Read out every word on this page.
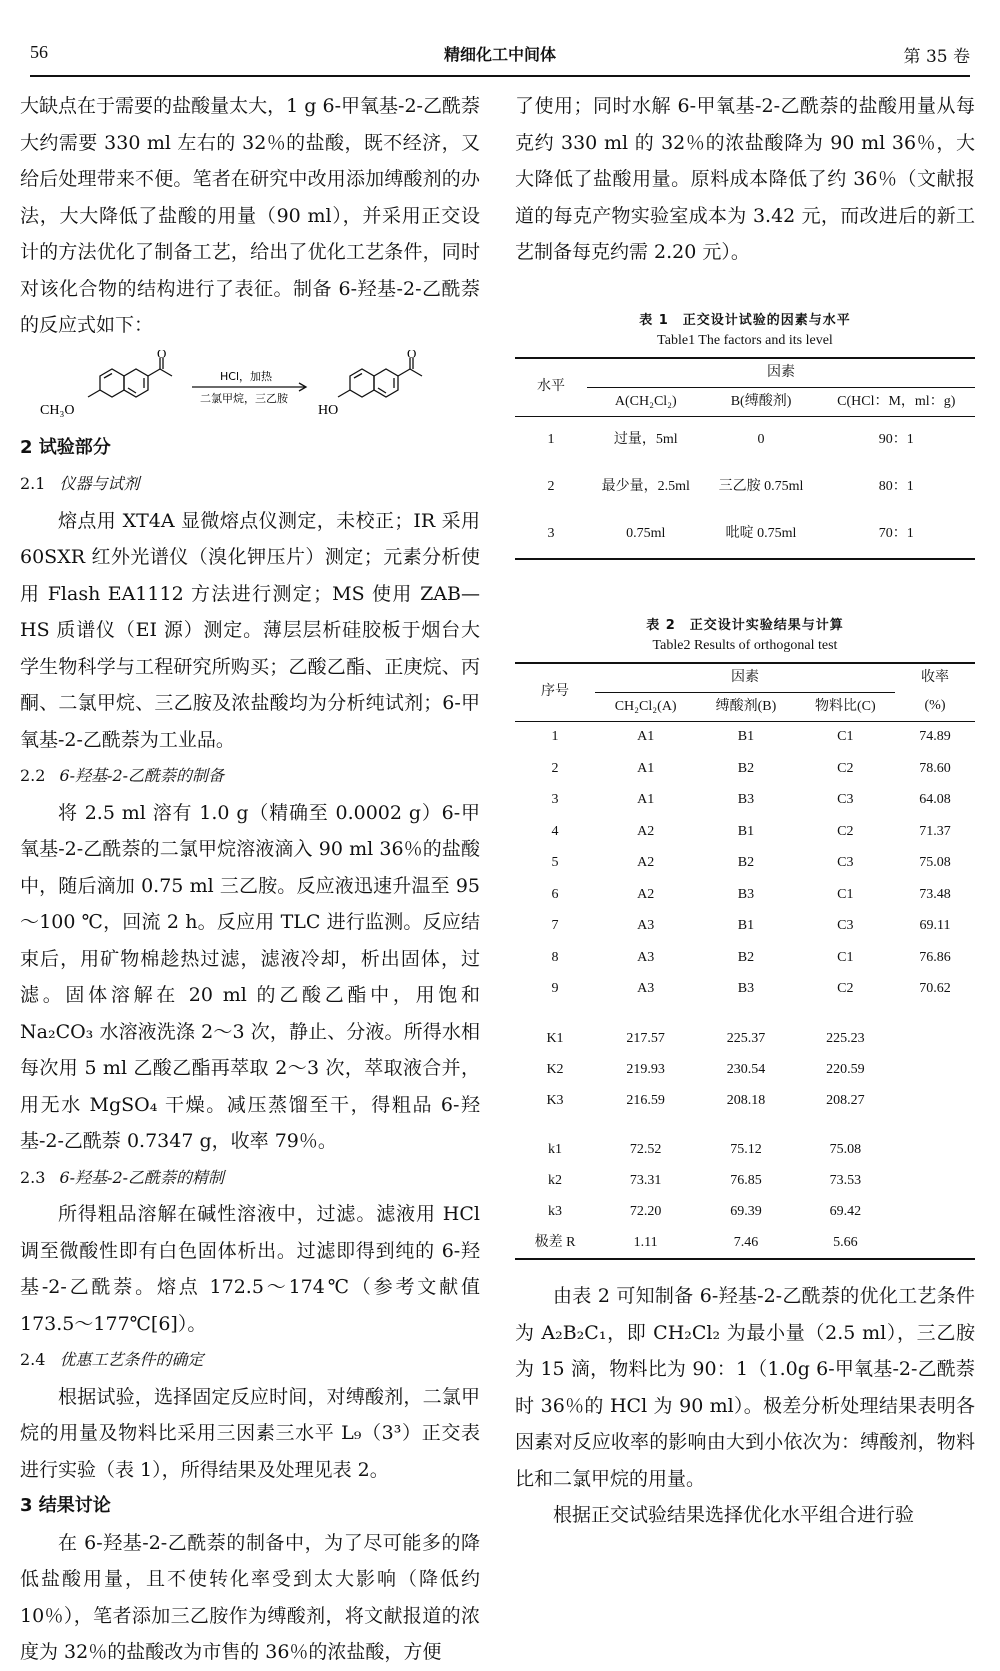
56	精细化工中间体	第 35 卷

大缺点在于需要的盐酸量太大，1 g 6-甲氧基-2-乙酰萘大约需要 330 ml 左右的 32％的盐酸，既不经济，又给后处理带来不便。笔者在研究中改用添加缚酸剂的办法，大大降低了盐酸的用量（90 ml），并采用正交设计的方法优化了制备工艺，给出了优化工艺条件，同时对该化合物的结构进行了表征。制备 6-羟基-2-乙酰萘的反应式如下：

O
CH₃O
HCl，加热
二氯甲烷，三乙胺
O
HO

2 试验部分

2.1 仪器与试剂

熔点用 XT4A 显微熔点仪测定，未校正；IR 采用 60SXR 红外光谱仪（溴化钾压片）测定；元素分析使用 Flash EA1112 方法进行测定；MS 使用 ZAB—HS 质谱仪（EI 源）测定。薄层层析硅胶板于烟台大学生物科学与工程研究所购买；乙酸乙酯、正庚烷、丙酮、二氯甲烷、三乙胺及浓盐酸均为分析纯试剂；6-甲氧基-2-乙酰萘为工业品。

2.2 6-羟基-2-乙酰萘的制备

将 2.5 ml 溶有 1.0 g（精确至 0.0002 g）6-甲氧基-2-乙酰萘的二氯甲烷溶液滴入 90 ml 36％的盐酸中，随后滴加 0.75 ml 三乙胺。反应液迅速升温至 95～100 ℃，回流 2 h。反应用 TLC 进行监测。反应结束后，用矿物棉趁热过滤，滤液冷却，析出固体，过滤。固体溶解在 20 ml 的乙酸乙酯中，用饱和 Na₂CO₃ 水溶液洗涤 2～3 次，静止、分液。所得水相每次用 5 ml 乙酸乙酯再萃取 2～3 次，萃取液合并，用无水 MgSO₄ 干燥。减压蒸馏至干，得粗品 6-羟基-2-乙酰萘 0.7347 g，收率 79％。

2.3 6-羟基-2-乙酰萘的精制

所得粗品溶解在碱性溶液中，过滤。滤液用 HCl 调至微酸性即有白色固体析出。过滤即得到纯的 6-羟基-2-乙酰萘。熔点 172.5～174℃（参考文献值 173.5～177℃[6]）。

2.4 优惠工艺条件的确定

根据试验，选择固定反应时间，对缚酸剂，二氯甲烷的用量及物料比采用三因素三水平 L₉（3³）正交表进行实验（表 1），所得结果及处理见表 2。

3 结果讨论

在 6-羟基-2-乙酰萘的制备中，为了尽可能多的降低盐酸用量，且不使转化率受到太大影响（降低约 10％），笔者添加三乙胺作为缚酸剂，将文献报道的浓度为 32％的盐酸改为市售的 36％的浓盐酸，方便

了使用；同时水解 6-甲氧基-2-乙酰萘的盐酸用量从每克约 330 ml 的 32％的浓盐酸降为 90 ml 36％，大大降低了盐酸用量。原料成本降低了约 36％（文献报道的每克产物实验室成本为 3.42 元，而改进后的新工艺制备每克约需 2.20 元）。

表 1　正交设计试验的因素与水平
Table1 The factors and its level
水平	因素		
	A(CH₂Cl₂)	B(缚酸剂)	C(HCl：M，ml：g)
1	过量，5ml	0	90：1
2	最少量，2.5ml	三乙胺 0.75ml	80：1
3	0.75ml	吡啶 0.75ml	70：1
表 2　正交设计实验结果与计算
Table2 Results of orthogonal test
序号	因素			收率
	CH₂Cl₂(A)	缚酸剂(B)	物料比(C)	(%)
1	A1	B1	C1	74.89
2	A1	B2	C2	78.60
3	A1	B3	C3	64.08
4	A2	B1	C2	71.37
5	A2	B2	C3	75.08
6	A2	B3	C1	73.48
7	A3	B1	C3	69.11
8	A3	B2	C1	76.86
9	A3	B3	C2	70.62

K1	217.57	225.37	225.23	
K2	219.93	230.54	220.59	
K3	216.59	208.18	208.27	

k1	72.52	75.12	75.08	
k2	73.31	76.85	73.53	
k3	72.20	69.39	69.42	
极差 R	1.11	7.46	5.66	

由表 2 可知制备 6-羟基-2-乙酰萘的优化工艺条件为 A₂B₂C₁，即 CH₂Cl₂ 为最小量（2.5 ml），三乙胺为 15 滴，物料比为 90：1（1.0g 6-甲氧基-2-乙酰萘时 36％的 HCl 为 90 ml）。极差分析处理结果表明各因素对反应收率的影响由大到小依次为：缚酸剂，物料比和二氯甲烷的用量。

根据正交试验结果选择优化水平组合进行验
